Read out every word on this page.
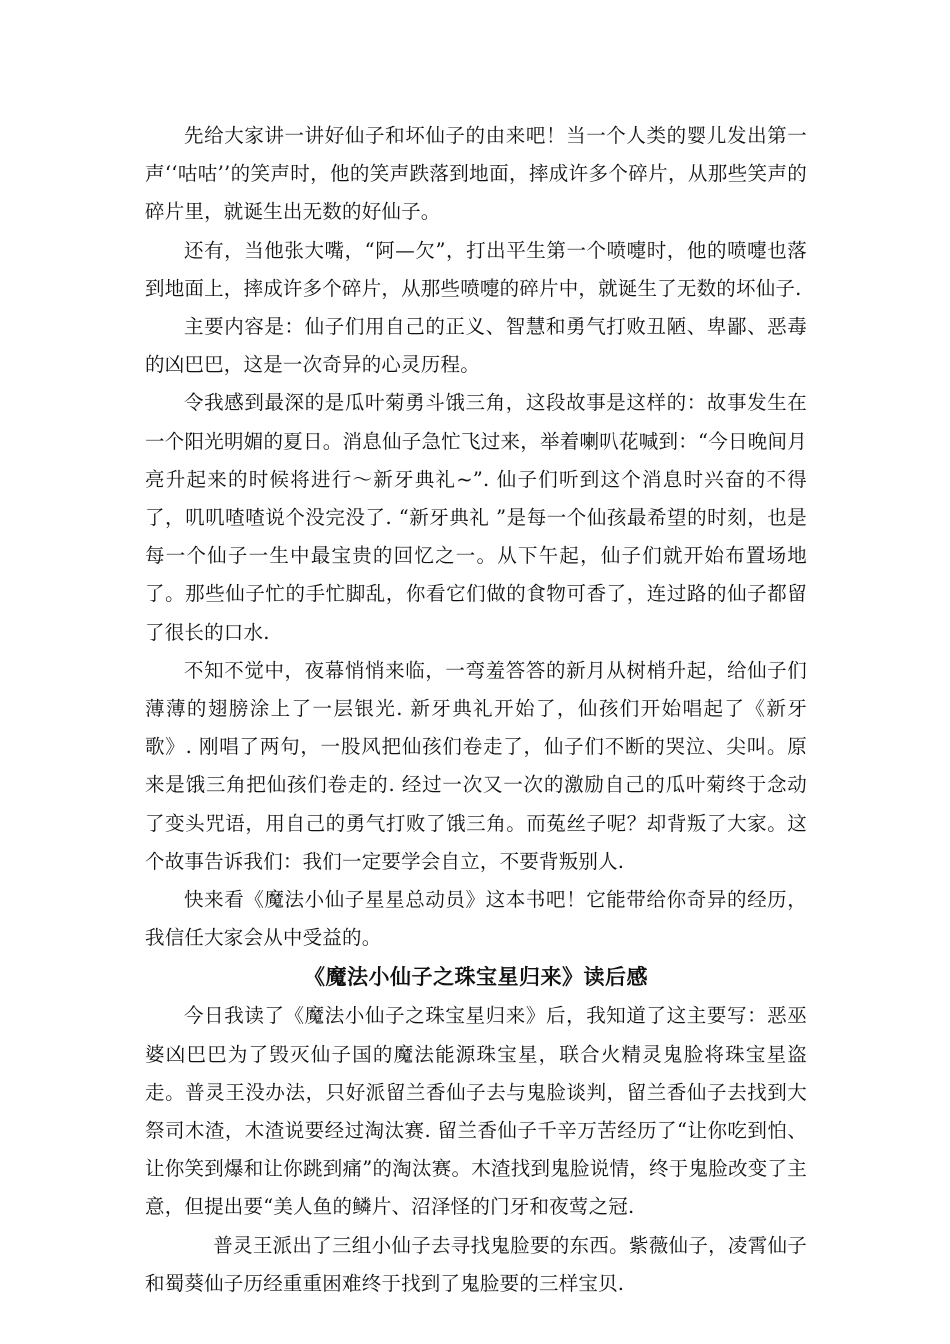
先给大家讲一讲好仙子和坏仙子的由来吧！当一个人类的婴儿发出第一声‘‘咕咕’’的笑声时，他的笑声跌落到地面，摔成许多个碎片，从那些笑声的碎片里，就诞生出无数的好仙子。

还有，当他张大嘴，“阿—欠”，打出平生第一个喷嚏时，他的喷嚏也落到地面上，摔成许多个碎片，从那些喷嚏的碎片中，就诞生了无数的坏仙子.

主要内容是：仙子们用自己的正义、智慧和勇气打败丑陋、卑鄙、恶毒的凶巴巴，这是一次奇异的心灵历程。

令我感到最深的是瓜叶菊勇斗饿三角，这段故事是这样的：故事发生在一个阳光明媚的夏日。消息仙子急忙飞过来，举着喇叭花喊到：“今日晚间月亮升起来的时候将进行～新牙典礼~”. 仙子们听到这个消息时兴奋的不得了，叽叽喳喳说个没完没了. “新牙典礼 ”是每一个仙孩最希望的时刻，也是每一个仙子一生中最宝贵的回忆之一。从下午起，仙子们就开始布置场地了。那些仙子忙的手忙脚乱，你看它们做的食物可香了，连过路的仙子都留了很长的口水.

不知不觉中，夜幕悄悄来临，一弯羞答答的新月从树梢升起，给仙子们薄薄的翅膀涂上了一层银光. 新牙典礼开始了，仙孩们开始唱起了《新牙歌》. 刚唱了两句，一股风把仙孩们卷走了，仙子们不断的哭泣、尖叫。原来是饿三角把仙孩们卷走的. 经过一次又一次的激励自己的瓜叶菊终于念动了变头咒语，用自己的勇气打败了饿三角。而菟丝子呢？却背叛了大家。这个故事告诉我们：我们一定要学会自立，不要背叛别人.

快来看《魔法小仙子星星总动员》这本书吧！它能带给你奇异的经历，我信任大家会从中受益的。

《魔法小仙子之珠宝星归来》读后感

今日我读了《魔法小仙子之珠宝星归来》后，我知道了这主要写：恶巫婆凶巴巴为了毁灭仙子国的魔法能源珠宝星，联合火精灵鬼脸将珠宝星盗走。普灵王没办法，只好派留兰香仙子去与鬼脸谈判，留兰香仙子去找到大祭司木渣，木渣说要经过淘汰赛. 留兰香仙子千辛万苦经历了“让你吃到怕、让你笑到爆和让你跳到痛”的淘汰赛。木渣找到鬼脸说情，终于鬼脸改变了主意，但提出要“美人鱼的鳞片、沼泽怪的门牙和夜莺之冠.

普灵王派出了三组小仙子去寻找鬼脸要的东西。紫薇仙子，凌霄仙子和蜀葵仙子历经重重困难终于找到了鬼脸要的三样宝贝.
